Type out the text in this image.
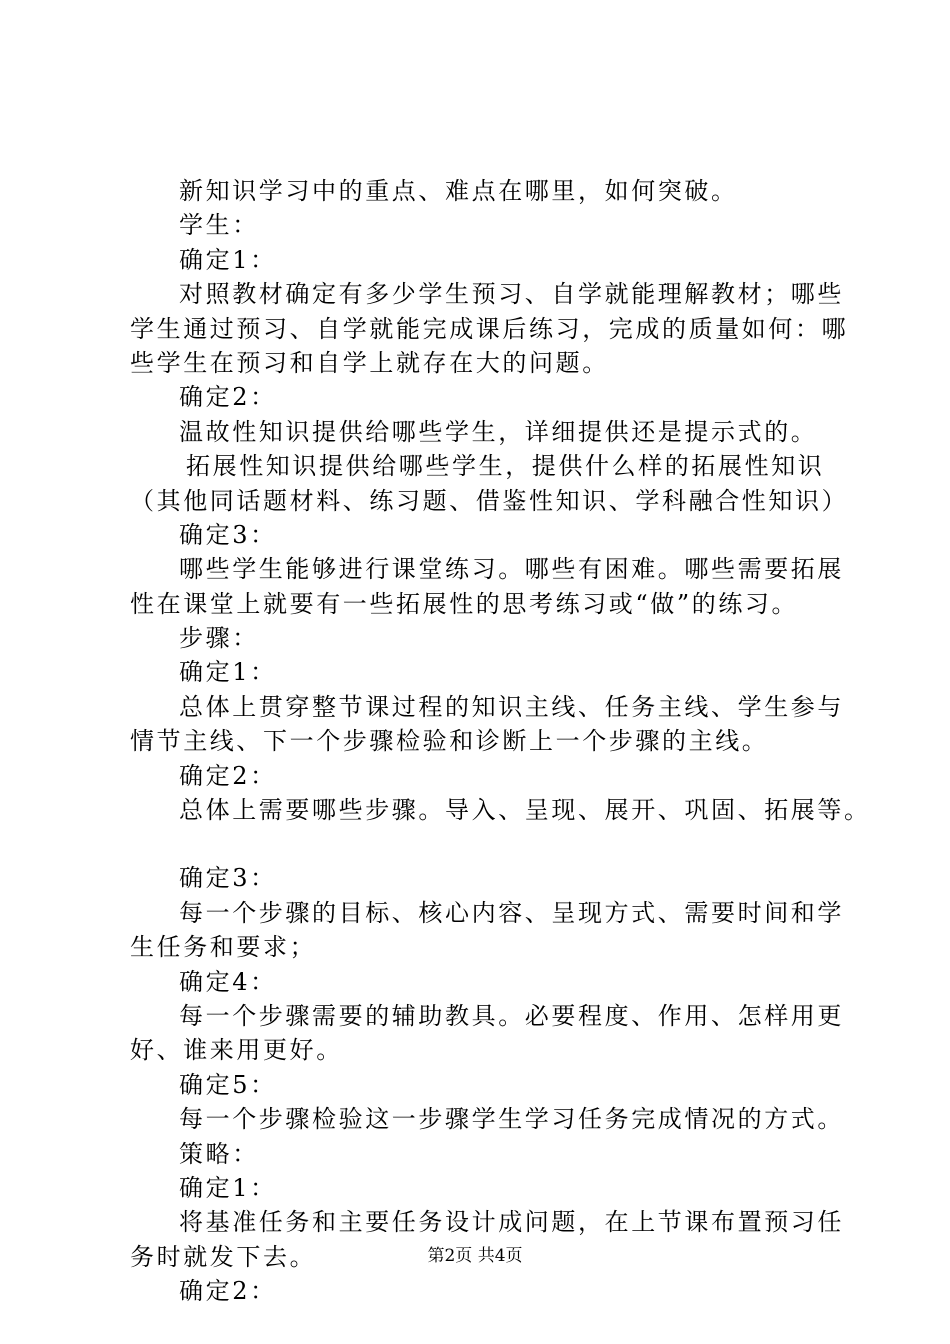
新知识学习中的重点、难点在哪里，如何突破。
学生：
确定1：
对照教材确定有多少学生预习、自学就能理解教材；哪些
学生通过预习、自学就能完成课后练习，完成的质量如何：哪
些学生在预习和自学上就存在大的问题。
确定2：
温故性知识提供给哪些学生，详细提供还是提示式的。
拓展性知识提供给哪些学生，提供什么样的拓展性知识
（其他同话题材料、练习题、借鉴性知识、学科融合性知识）
确定3：
哪些学生能够进行课堂练习。哪些有困难。哪些需要拓展
性在课堂上就要有一些拓展性的思考练习或“做”的练习。
步骤：
确定1：
总体上贯穿整节课过程的知识主线、任务主线、学生参与
情节主线、下一个步骤检验和诊断上一个步骤的主线。
确定2：
总体上需要哪些步骤。导入、呈现、展开、巩固、拓展等。
确定3：
每一个步骤的目标、核心内容、呈现方式、需要时间和学
生任务和要求；
确定4：
每一个步骤需要的辅助教具。必要程度、作用、怎样用更
好、谁来用更好。
确定5：
每一个步骤检验这一步骤学生学习任务完成情况的方式。
策略：
确定1：
将基准任务和主要任务设计成问题，在上节课布置预习任
务时就发下去。
确定2：
第2页 共4页
